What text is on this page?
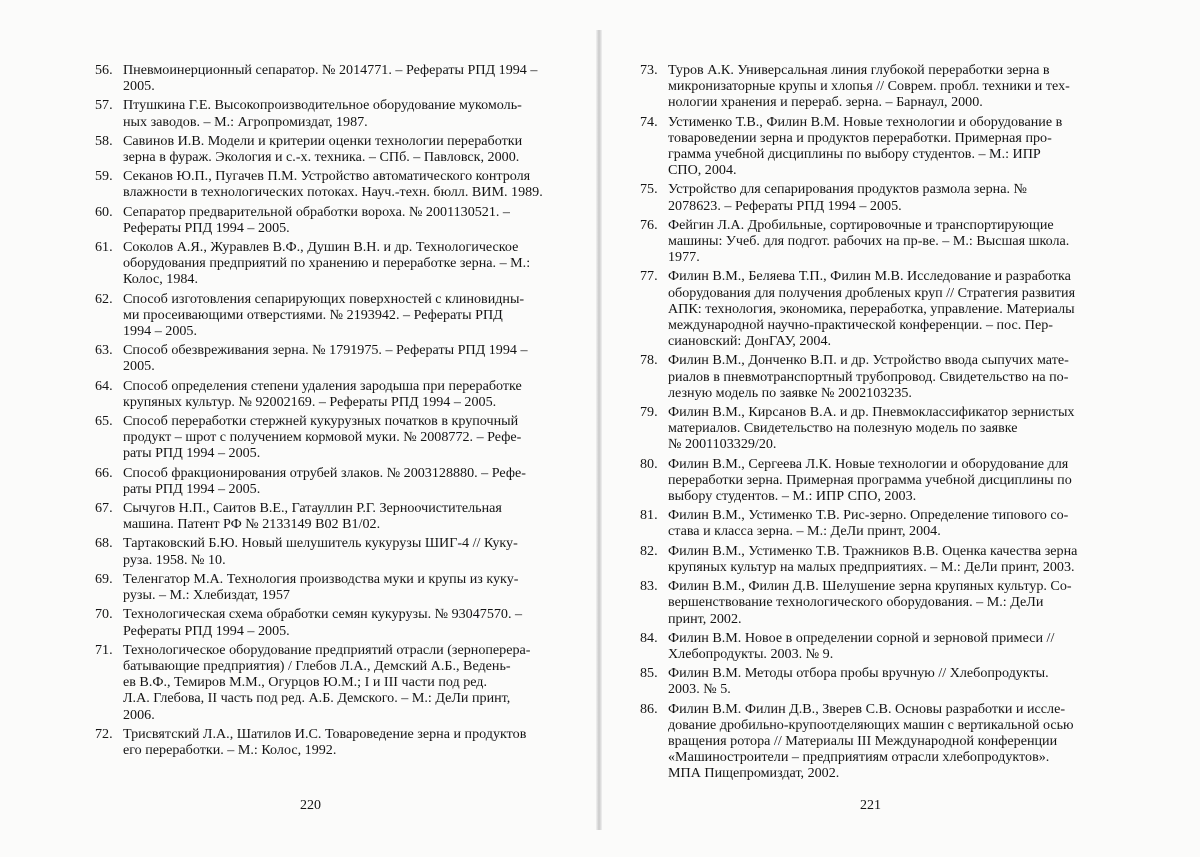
56. Пневмоинерционный сепаратор. № 2014771. – Рефераты РПД 1994 –
2005.
57. Птушкина Г.Е. Высокопроизводительное оборудование мукомоль-
ных заводов. – М.: Агропромиздат, 1987.
58. Савинов И.В. Модели и критерии оценки технологии переработки
зерна в фураж. Экология и с.-х. техника. – СПб. – Павловск, 2000.
59. Секанов Ю.П., Пугачев П.М. Устройство автоматического контроля
влажности в технологических потоках. Науч.-техн. бюлл. ВИМ. 1989.
60. Сепаратор предварительной обработки вороха. № 2001130521. –
Рефераты РПД 1994 – 2005.
61. Соколов А.Я., Журавлев В.Ф., Душин В.Н. и др. Технологическое
оборудования предприятий по хранению и переработке зерна. – М.:
Колос, 1984.
62. Способ изготовления сепарирующих поверхностей с клиновидны-
ми просеивающими отверстиями. № 2193942. – Рефераты РПД
1994 – 2005.
63. Способ обезвреживания зерна. № 1791975. – Рефераты РПД 1994 –
2005.
64. Способ определения степени удаления зародыша при переработке
крупяных культур. № 92002169. – Рефераты РПД 1994 – 2005.
65. Способ переработки стержней кукурузных початков в крупочный
продукт – шрот с получением кормовой муки. № 2008772. – Рефе-
раты РПД 1994 – 2005.
66. Способ фракционирования отрубей злаков. № 2003128880. – Рефе-
раты РПД 1994 – 2005.
67. Сычугов Н.П., Саитов В.Е., Гатауллин Р.Г. Зерноочистительная
машина. Патент РФ № 2133149 B02 B1/02.
68. Тартаковский Б.Ю. Новый шелушитель кукурузы ШИГ-4 // Куку-
руза. 1958. № 10.
69. Теленгатор М.А. Технология производства муки и крупы из куку-
рузы. – М.: Хлебиздат, 1957
70. Технологическая схема обработки семян кукурузы. № 93047570. –
Рефераты РПД 1994 – 2005.
71. Технологическое оборудование предприятий отрасли (зерноперера-
батывающие предприятия) / Глебов Л.А., Демский А.Б., Ведень-
ев В.Ф., Темиров М.М., Огурцов Ю.М.; I и III части под ред.
Л.А. Глебова, II часть под ред. А.Б. Демского. – М.: ДеЛи принт,
2006.
72. Трисвятский Л.А., Шатилов И.С. Товароведение зерна и продуктов
его переработки. – М.: Колос, 1992.
220
73. Туров А.К. Универсальная линия глубокой переработки зерна в
микронизаторные крупы и хлопья // Соврем. пробл. техники и тех-
нологии хранения и перераб. зерна. – Барнаул, 2000.
74. Устименко Т.В., Филин В.М. Новые технологии и оборудование в
товароведении зерна и продуктов переработки. Примерная про-
грамма учебной дисциплины по выбору студентов. – М.: ИПР
СПО, 2004.
75. Устройство для сепарирования продуктов размола зерна. №
2078623. – Рефераты РПД 1994 – 2005.
76. Фейгин Л.А. Дробильные, сортировочные и транспортирующие
машины: Учеб. для подгот. рабочих на пр-ве. – М.: Высшая школа.
1977.
77. Филин В.М., Беляева Т.П., Филин М.В. Исследование и разработка
оборудования для получения дробленых круп // Стратегия развития
АПК: технология, экономика, переработка, управление. Материалы
международной научно-практической конференции. – пос. Пер-
сиановский: ДонГАУ, 2004.
78. Филин В.М., Донченко В.П. и др. Устройство ввода сыпучих мате-
риалов в пневмотранспортный трубопровод. Свидетельство на по-
лезную модель по заявке № 2002103235.
79. Филин В.М., Кирсанов В.А. и др. Пневмоклассификатор зернистых
материалов. Свидетельство на полезную модель по заявке
№ 2001103329/20.
80. Филин В.М., Сергеева Л.К. Новые технологии и оборудование для
переработки зерна. Примерная программа учебной дисциплины по
выбору студентов. – М.: ИПР СПО, 2003.
81. Филин В.М., Устименко Т.В. Рис-зерно. Определение типового со-
става и класса зерна. – М.: ДеЛи принт, 2004.
82. Филин В.М., Устименко Т.В. Тражников В.В. Оценка качества зерна
крупяных культур на малых предприятиях. – М.: ДеЛи принт, 2003.
83. Филин В.М., Филин Д.В. Шелушение зерна крупяных культур. Со-
вершенствование технологического оборудования. – М.: ДеЛи
принт, 2002.
84. Филин В.М. Новое в определении сорной и зерновой примеси //
Хлебопродукты. 2003. № 9.
85. Филин В.М. Методы отбора пробы вручную // Хлебопродукты.
2003. № 5.
86. Филин В.М. Филин Д.В., Зверев С.В. Основы разработки и иссле-
дование дробильно-крупоотделяющих машин с вертикальной осью
вращения ротора // Материалы III Международной конференции
«Машиностроители – предприятиям отрасли хлебопродуктов».
МПА Пищепромиздат, 2002.
221
